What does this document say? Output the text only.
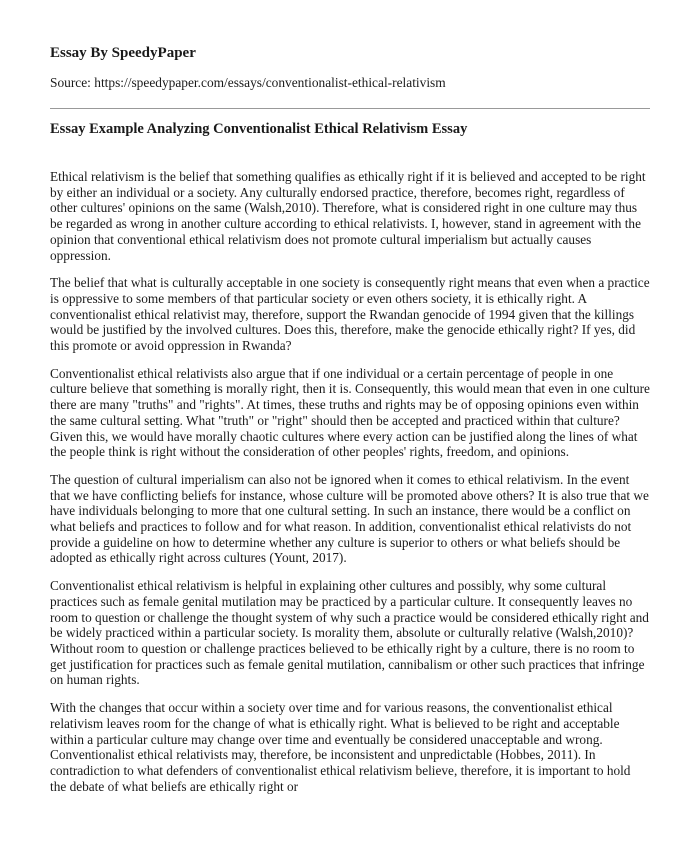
Essay By SpeedyPaper
Source: https://speedypaper.com/essays/conventionalist-ethical-relativism
Essay Example Analyzing Conventionalist Ethical Relativism Essay

Ethical relativism is the belief that something qualifies as ethically right if it is believed and accepted to be right by either an individual or a society. Any culturally endorsed practice, therefore, becomes right, regardless of other cultures' opinions on the same (Walsh,2010). Therefore, what is considered right in one culture may thus be regarded as wrong in another culture according to ethical relativists. I, however, stand in agreement with the opinion that conventional ethical relativism does not promote cultural imperialism but actually causes oppression.

The belief that what is culturally acceptable in one society is consequently right means that even when a practice is oppressive to some members of that particular society or even others society, it is ethically right. A conventionalist ethical relativist may, therefore, support the Rwandan genocide of 1994 given that the killings would be justified by the involved cultures. Does this, therefore, make the genocide ethically right? If yes, did this promote or avoid oppression in Rwanda?

Conventionalist ethical relativists also argue that if one individual or a certain percentage of people in one culture believe that something is morally right, then it is. Consequently, this would mean that even in one culture there are many "truths" and "rights". At times, these truths and rights may be of opposing opinions even within the same cultural setting. What "truth" or "right" should then be accepted and practiced within that culture? Given this, we would have morally chaotic cultures where every action can be justified along the lines of what the people think is right without the consideration of other peoples' rights, freedom, and opinions.

The question of cultural imperialism can also not be ignored when it comes to ethical relativism. In the event that we have conflicting beliefs for instance, whose culture will be promoted above others? It is also true that we have individuals belonging to more that one cultural setting. In such an instance, there would be a conflict on what beliefs and practices to follow and for what reason. In addition, conventionalist ethical relativists do not provide a guideline on how to determine whether any culture is superior to others or what beliefs should be adopted as ethically right across cultures (Yount, 2017).

Conventionalist ethical relativism is helpful in explaining other cultures and possibly, why some cultural practices such as female genital mutilation may be practiced by a particular culture. It consequently leaves no room to question or challenge the thought system of why such a practice would be considered ethically right and be widely practiced within a particular society. Is morality them, absolute or culturally relative (Walsh,2010)? Without room to question or challenge practices believed to be ethically right by a culture, there is no room to get justification for practices such as female genital mutilation, cannibalism or other such practices that infringe on human rights.

With the changes that occur within a society over time and for various reasons, the conventionalist ethical relativism leaves room for the change of what is ethically right. What is believed to be right and acceptable within a particular culture may change over time and eventually be considered unacceptable and wrong. Conventionalist ethical relativists may, therefore, be inconsistent and unpredictable (Hobbes, 2011). In contradiction to what defenders of conventionalist ethical relativism believe, therefore, it is important to hold the debate of what beliefs are ethically right or
